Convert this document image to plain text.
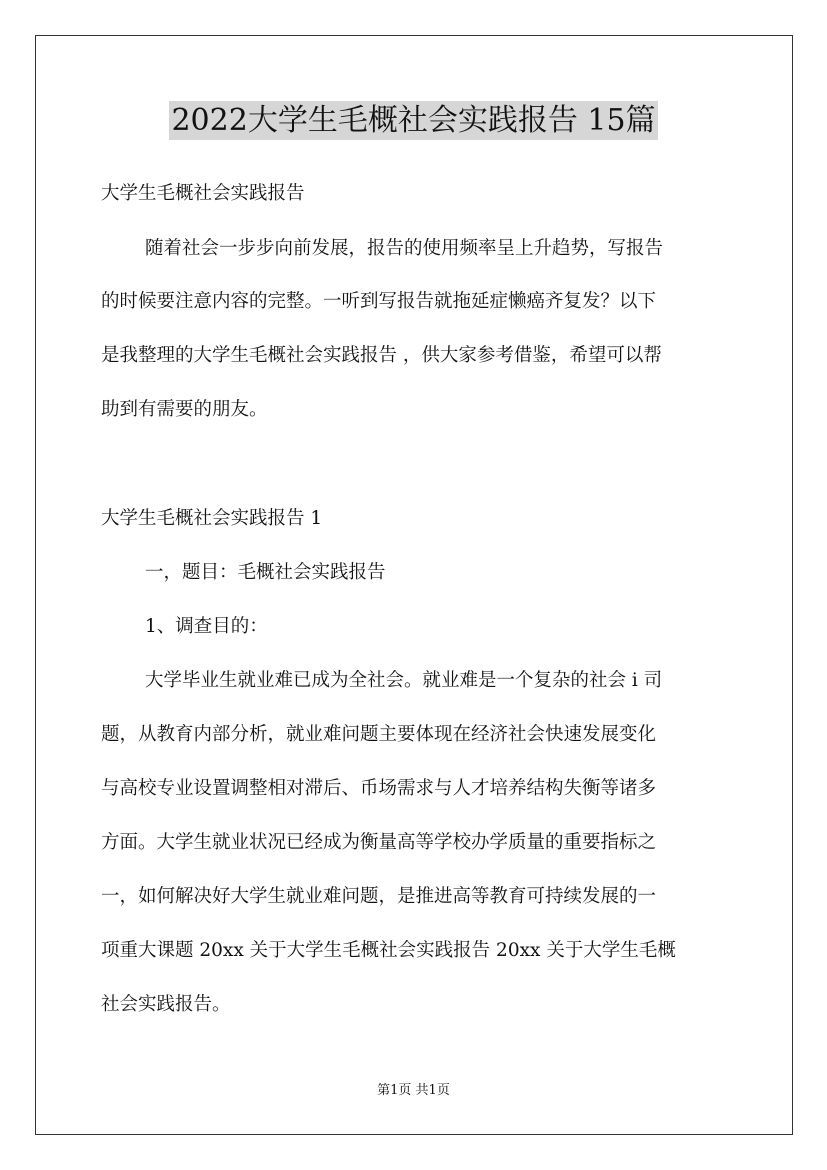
2022大学生毛概社会实践报告 15篇

大学生毛概社会实践报告

随着社会一步步向前发展，报告的使用频率呈上升趋势，写报告

的时候要注意内容的完整。一听到写报告就拖延症懒癌齐复发？以下

是我整理的大学生毛概社会实践报告 ，供大家参考借鉴，希望可以帮

助到有需要的朋友。

大学生毛概社会实践报告 1

一，题目：毛概社会实践报告

1、调查目的：

大学毕业生就业难已成为全社会。就业难是一个复杂的社会 i 司

题，从教育内部分析，就业难问题主要体现在经济社会快速发展变化

与高校专业设置调整相对滞后、币场需求与人才培养结构失衡等诸多

方面。大学生就业状况已经成为衡量高等学校办学质量的重要指标之

一，如何解决好大学生就业难问题，是推进高等教育可持续发展的一

项重大课题 20xx 关于大学生毛概社会实践报告 20xx 关于大学生毛概

社会实践报告。

第1页 共1页
